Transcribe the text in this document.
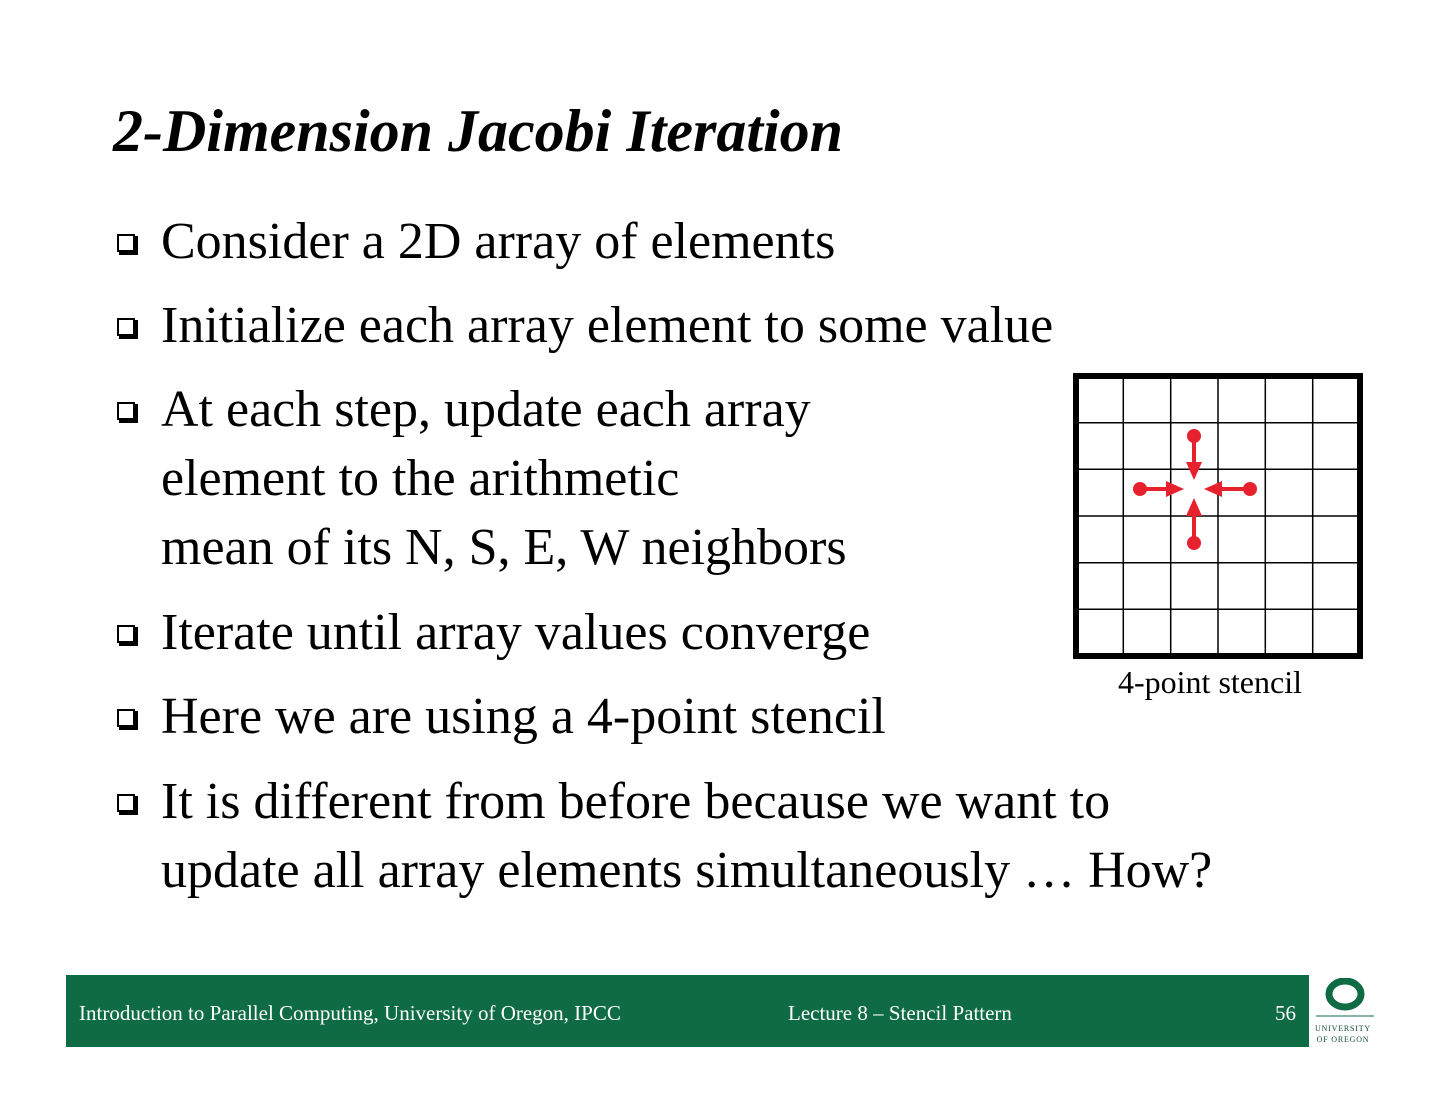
2-Dimension Jacobi Iteration
Consider a 2D array of elements
Initialize each array element to some value
At each step, update each array
element to the arithmetic
mean of its N, S, E, W neighbors
Iterate until array values converge
Here we are using a 4-point stencil
It is different from before because we want to
update all array elements simultaneously … How?
4-point stencil
Introduction to Parallel Computing, University of Oregon, IPCC	Lecture 8 – Stencil Pattern	56
UNIVERSITY
OF OREGON
